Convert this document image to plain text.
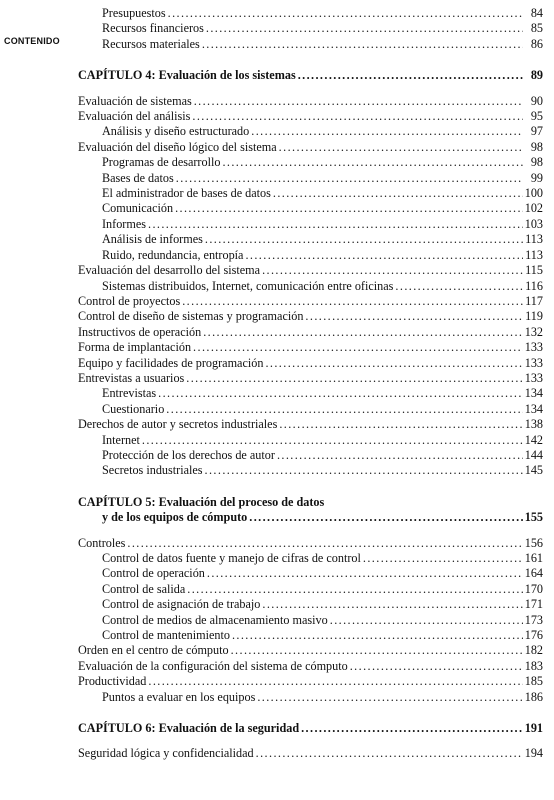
CONTENIDO
Presupuestos .....	84
Recursos financieros .....	85
Recursos materiales .....	86
CAPÍTULO 4: Evaluación de los sistemas .....	89
Evaluación de sistemas .....	90
Evaluación del análisis .....	95
Análisis y diseño estructurado .....	97
Evaluación del diseño lógico del sistema .....	98
Programas de desarrollo .....	98
Bases de datos .....	99
El administrador de bases de datos .....	100
Comunicación .....	102
Informes .....	103
Análisis de informes .....	113
Ruido, redundancia, entropía .....	113
Evaluación del desarrollo del sistema .....	115
Sistemas distribuidos, Internet, comunicación entre oficinas .....	116
Control de proyectos .....	117
Control de diseño de sistemas y programación .....	119
Instructivos de operación .....	132
Forma de implantación .....	133
Equipo y facilidades de programación .....	133
Entrevistas a usuarios .....	133
Entrevistas .....	134
Cuestionario .....	134
Derechos de autor y secretos industriales .....	138
Internet .....	142
Protección de los derechos de autor .....	144
Secretos industriales .....	145
CAPÍTULO 5: Evaluación del proceso de datos
y de los equipos de cómputo .....	155
Controles .....	156
Control de datos fuente y manejo de cifras de control .....	161
Control de operación .....	164
Control de salida .....	170
Control de asignación de trabajo .....	171
Control de medios de almacenamiento masivo .....	173
Control de mantenimiento .....	176
Orden en el centro de cómputo .....	182
Evaluación de la configuración del sistema de cómputo .....	183
Productividad .....	185
Puntos a evaluar en los equipos .....	186
CAPÍTULO 6: Evaluación de la seguridad .....	191
Seguridad lógica y confidencialidad .....	194
